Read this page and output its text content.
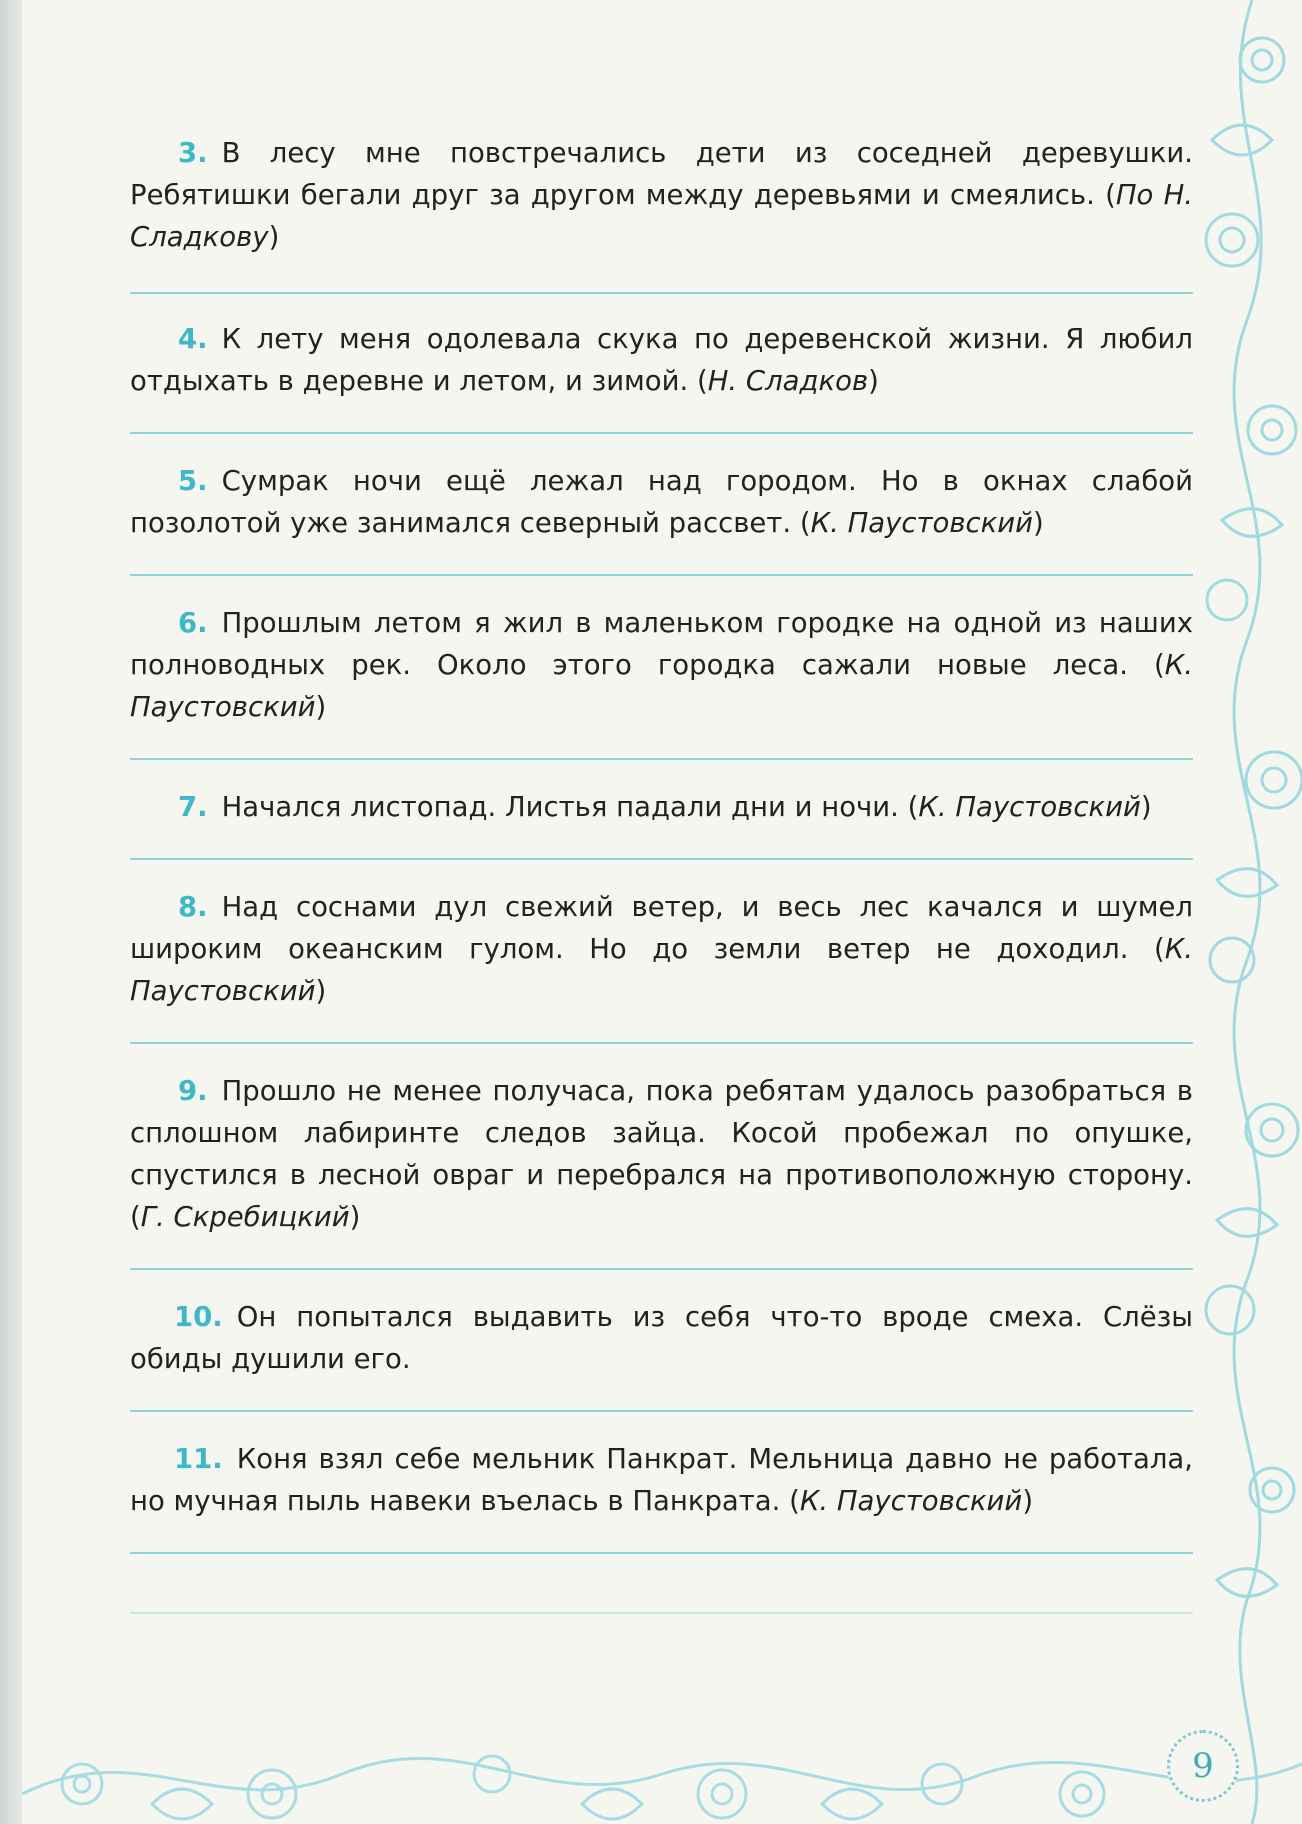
3. В лесу мне повстречались дети из соседней деревушки. Ребятишки бегали друг за другом между деревьями и смеялись. (По Н. Сладкову)

4. К лету меня одолевала скука по деревенской жизни. Я любил отдыхать в деревне и летом, и зимой. (Н. Сладков)

5. Сумрак ночи ещё лежал над городом. Но в окнах слабой позолотой уже занимался северный рассвет. (К. Паустовский)

6. Прошлым летом я жил в маленьком городке на одной из наших полноводных рек. Около этого городка сажали новые леса. (К. Паустовский)

7. Начался листопад. Листья падали дни и ночи. (К. Паустовский)

8. Над соснами дул свежий ветер, и весь лес качался и шумел широким океанским гулом. Но до земли ветер не доходил. (К. Паустовский)

9. Прошло не менее получаса, пока ребятам удалось разобраться в сплошном лабиринте следов зайца. Косой пробежал по опушке, спустился в лесной овраг и перебрался на противоположную сторону. (Г. Скребицкий)

10. Он попытался выдавить из себя что-то вроде смеха. Слёзы обиды душили его.

11. Коня взял себе мельник Панкрат. Мельница давно не работала, но мучная пыль навеки въелась в Панкрата. (К. Паустовский)

9
